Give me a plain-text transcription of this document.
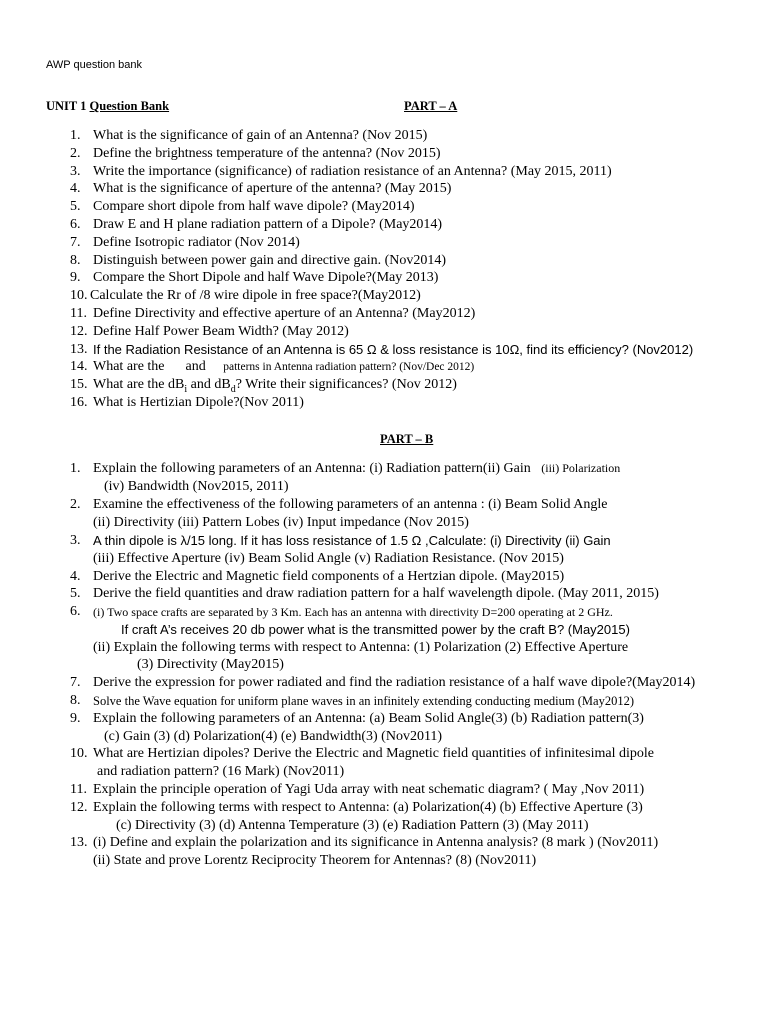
AWP question bank
UNIT 1 Question Bank	PART – A
1. What is the significance of gain of an Antenna? (Nov 2015)
2. Define the brightness temperature of the antenna? (Nov 2015)
3. Write the importance (significance) of radiation resistance of an Antenna? (May 2015, 2011)
4. What is the significance of aperture of the antenna? (May 2015)
5. Compare short dipole from half wave dipole? (May2014)
6. Draw E and H plane radiation pattern of a Dipole? (May2014)
7. Define Isotropic radiator (Nov 2014)
8. Distinguish between power gain and directive gain. (Nov2014)
9. Compare the Short Dipole and half Wave Dipole?(May 2013)
10. Calculate the Rr of /8 wire dipole in free space?(May2012)
11. Define Directivity and effective aperture of an Antenna? (May2012)
12. Define Half Power Beam Width? (May 2012)
13. If the Radiation Resistance of an Antenna is 65 Ω & loss resistance is 10Ω, find its efficiency? (Nov2012)
14. What are the      and     patterns in Antenna radiation pattern? (Nov/Dec 2012)
15. What are the $dB_i$ and $dB_d$? Write their significances? (Nov 2012)
16. What is Hertizian Dipole?(Nov 2011)
PART – B
1. Explain the following parameters of an Antenna: (i) Radiation pattern(ii) Gain (iii) Polarization
(iv) Bandwidth (Nov2015, 2011)
2. Examine the effectiveness of the following parameters of an antenna : (i) Beam Solid Angle
(ii) Directivity (iii) Pattern Lobes (iv) Input impedance (Nov 2015)
3. A thin dipole is λ/15 long. If it has loss resistance of 1.5 Ω ,Calculate: (i) Directivity (ii) Gain
(iii) Effective Aperture (iv) Beam Solid Angle (v) Radiation Resistance. (Nov 2015)
4. Derive the Electric and Magnetic field components of a Hertzian dipole. (May2015)
5. Derive the field quantities and draw radiation pattern for a half wavelength dipole. (May 2011, 2015)
6. (i) Two space crafts are separated by 3 Km. Each has an antenna with directivity D=200 operating at 2 GHz.
If craft A’s receives 20 db power what is the transmitted power by the craft B? (May2015)
(ii) Explain the following terms with respect to Antenna: (1) Polarization (2) Effective Aperture
(3) Directivity (May2015)
7. Derive the expression for power radiated and find the radiation resistance of a half wave dipole?(May2014)
8. Solve the Wave equation for uniform plane waves in an infinitely extending conducting medium (May2012)
9. Explain the following parameters of an Antenna: (a) Beam Solid Angle(3) (b) Radiation pattern(3)
(c) Gain (3) (d) Polarization(4) (e) Bandwidth(3) (Nov2011)
10. What are Hertizian dipoles? Derive the Electric and Magnetic field quantities of infinitesimal dipole
and radiation pattern? (16 Mark) (Nov2011)
11. Explain the principle operation of Yagi Uda array with neat schematic diagram? ( May ,Nov 2011)
12. Explain the following terms with respect to Antenna: (a) Polarization(4) (b) Effective Aperture (3)
(c) Directivity (3) (d) Antenna Temperature (3) (e) Radiation Pattern (3) (May 2011)
13. (i) Define and explain the polarization and its significance in Antenna analysis? (8 mark ) (Nov2011)
(ii) State and prove Lorentz Reciprocity Theorem for Antennas? (8) (Nov2011)
